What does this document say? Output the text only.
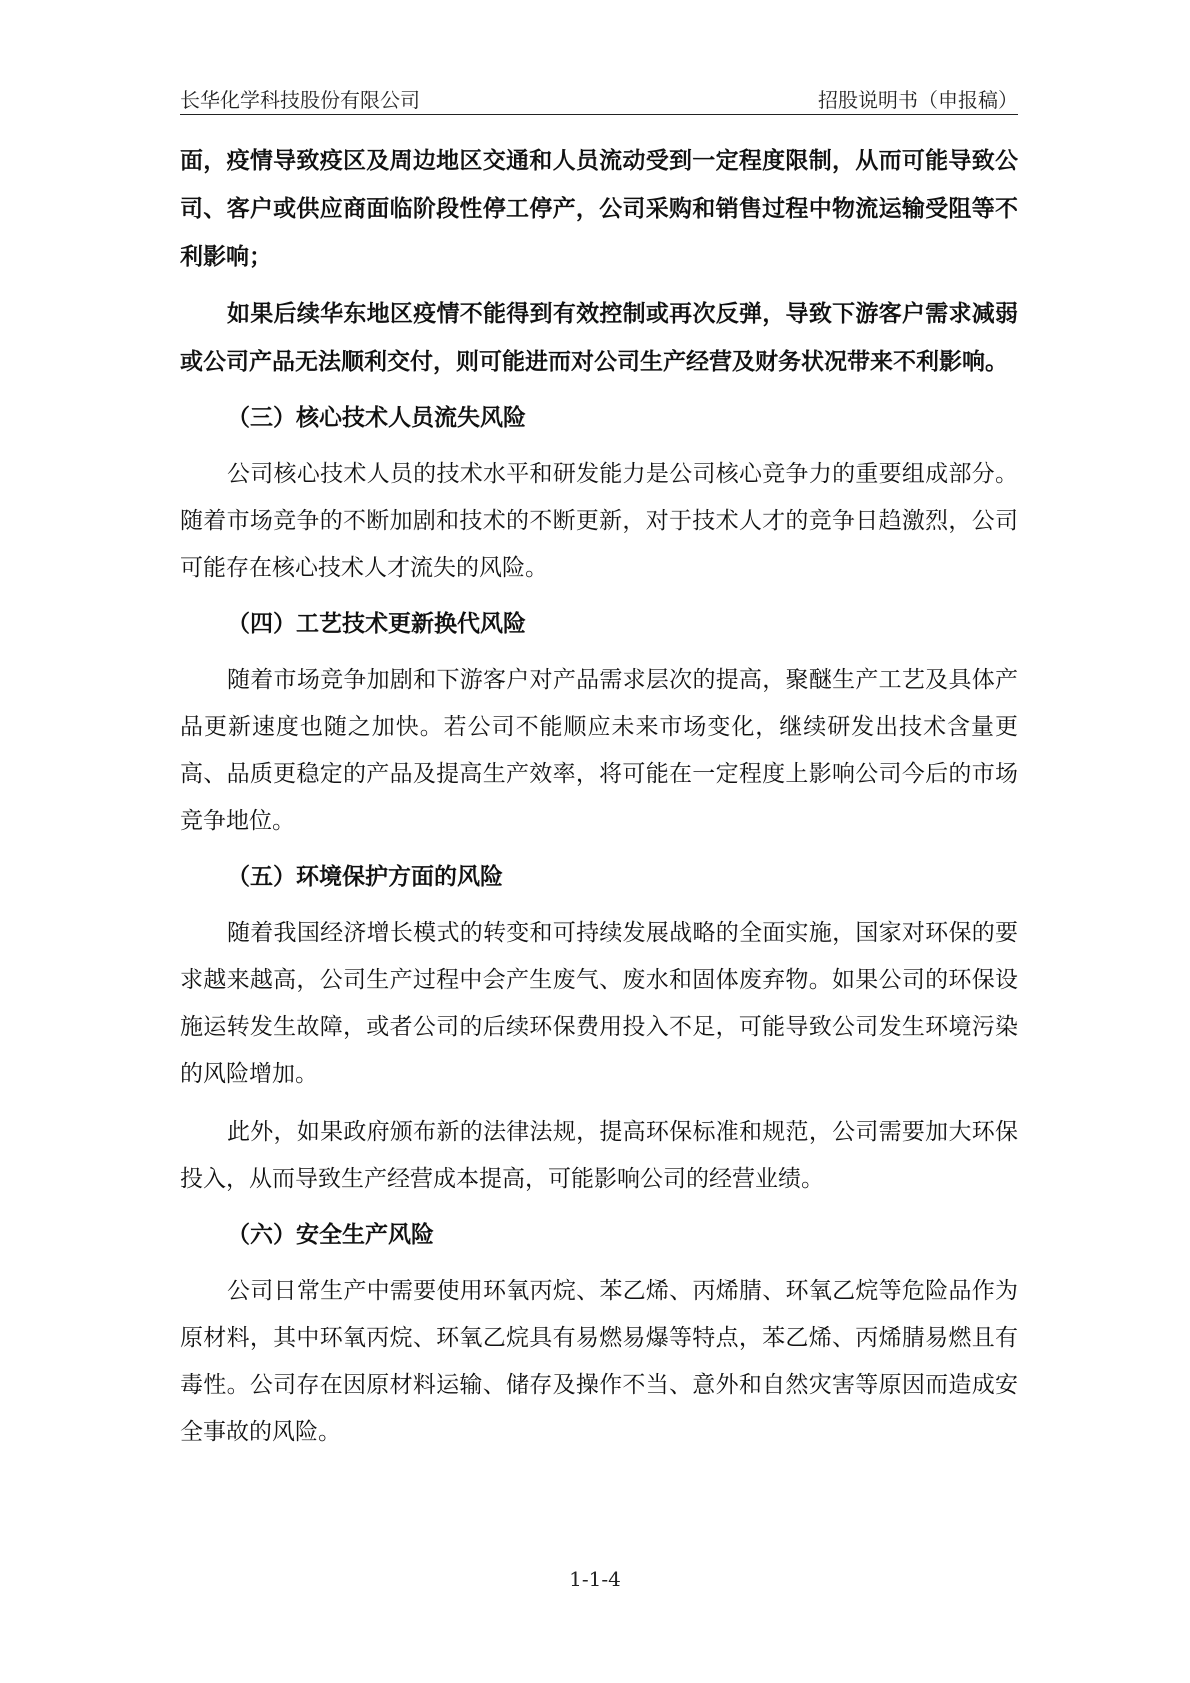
长华化学科技股份有限公司	招股说明书（申报稿）

面，疫情导致疫区及周边地区交通和人员流动受到一定程度限制，从而可能导致公司、客户或供应商面临阶段性停工停产，公司采购和销售过程中物流运输受阻等不利影响；

如果后续华东地区疫情不能得到有效控制或再次反弹，导致下游客户需求减弱或公司产品无法顺利交付，则可能进而对公司生产经营及财务状况带来不利影响。

（三）核心技术人员流失风险

公司核心技术人员的技术水平和研发能力是公司核心竞争力的重要组成部分。随着市场竞争的不断加剧和技术的不断更新，对于技术人才的竞争日趋激烈，公司可能存在核心技术人才流失的风险。

（四）工艺技术更新换代风险

随着市场竞争加剧和下游客户对产品需求层次的提高，聚醚生产工艺及具体产品更新速度也随之加快。若公司不能顺应未来市场变化，继续研发出技术含量更高、品质更稳定的产品及提高生产效率，将可能在一定程度上影响公司今后的市场竞争地位。

（五）环境保护方面的风险

随着我国经济增长模式的转变和可持续发展战略的全面实施，国家对环保的要求越来越高，公司生产过程中会产生废气、废水和固体废弃物。如果公司的环保设施运转发生故障，或者公司的后续环保费用投入不足，可能导致公司发生环境污染的风险增加。

此外，如果政府颁布新的法律法规，提高环保标准和规范，公司需要加大环保投入，从而导致生产经营成本提高，可能影响公司的经营业绩。

（六）安全生产风险

公司日常生产中需要使用环氧丙烷、苯乙烯、丙烯腈、环氧乙烷等危险品作为原材料，其中环氧丙烷、环氧乙烷具有易燃易爆等特点，苯乙烯、丙烯腈易燃且有毒性。公司存在因原材料运输、储存及操作不当、意外和自然灾害等原因而造成安全事故的风险。

1-1-4
